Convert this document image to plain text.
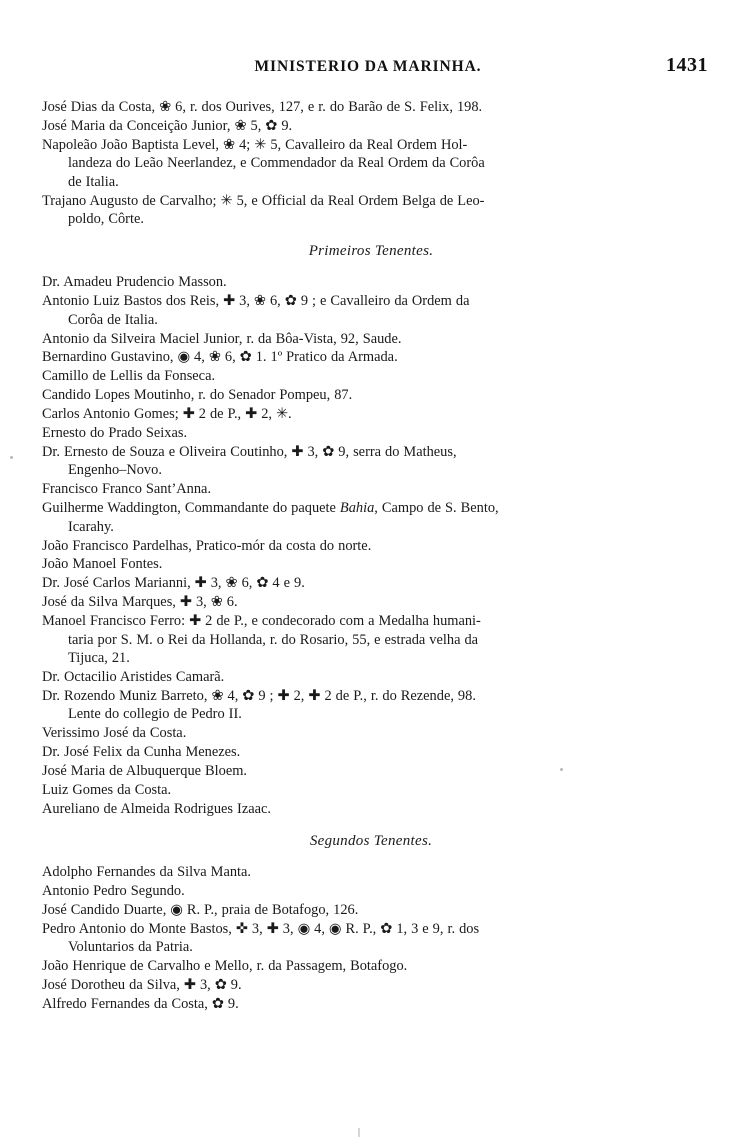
MINISTERIO DA MARINHA.	1431

José Dias da Costa, ❀ 6, r. dos Ourives, 127, e r. do Barão de S. Felix, 198.

José Maria da Conceição Junior, ❀ 5, ✿ 9.

Napoleão João Baptista Level, ❀ 4; ✳ 5, Cavalleiro da Real Ordem Hol-
landeza do Leão Neerlandez, e Commendador da Real Ordem da Corôa
de Italia.

Trajano Augusto de Carvalho; ✳ 5, e Official da Real Ordem Belga de Leo-
poldo, Côrte.

Primeiros Tenentes.

Dr. Amadeu Prudencio Masson.

Antonio Luiz Bastos dos Reis, ✚ 3, ❀ 6, ✿ 9 ; e Cavalleiro da Ordem da
Corôa de Italia.

Antonio da Silveira Maciel Junior, r. da Bôa-Vista, 92, Saude.

Bernardino Gustavino, ◉ 4, ❀ 6, ✿ 1. 1º Pratico da Armada.

Camillo de Lellis da Fonseca.

Candido Lopes Moutinho, r. do Senador Pompeu, 87.

Carlos Antonio Gomes; ✚ 2 de P., ✚ 2, ✳.

Ernesto do Prado Seixas.

Dr. Ernesto de Souza e Oliveira Coutinho, ✚ 3, ✿ 9, serra do Matheus,
Engenho–Novo.

Francisco Franco Sant’Anna.

Guilherme Waddington, Commandante do paquete Bahia, Campo de S. Bento,
Icarahy.

João Francisco Pardelhas, Pratico-mór da costa do norte.

João Manoel Fontes.

Dr. José Carlos Marianni, ✚ 3, ❀ 6, ✿ 4 e 9.

José da Silva Marques, ✚ 3, ❀ 6.

Manoel Francisco Ferro: ✚ 2 de P., e condecorado com a Medalha humani-
taria por S. M. o Rei da Hollanda, r. do Rosario, 55, e estrada velha da
Tijuca, 21.

Dr. Octacilio Aristides Camarã.

Dr. Rozendo Muniz Barreto, ❀ 4, ✿ 9 ; ✚ 2, ✚ 2 de P., r. do Rezende, 98.
Lente do collegio de Pedro II.

Verissimo José da Costa.

Dr. José Felix da Cunha Menezes.

José Maria de Albuquerque Bloem.

Luiz Gomes da Costa.

Aureliano de Almeida Rodrigues Izaac.

Segundos Tenentes.

Adolpho Fernandes da Silva Manta.

Antonio Pedro Segundo.

José Candido Duarte, ◉ R. P., praia de Botafogo, 126.

Pedro Antonio do Monte Bastos, ✜ 3, ✚ 3, ◉ 4, ◉ R. P., ✿ 1, 3 e 9, r. dos
Voluntarios da Patria.

João Henrique de Carvalho e Mello, r. da Passagem, Botafogo.

José Dorotheu da Silva, ✚ 3, ✿ 9.

Alfredo Fernandes da Costa, ✿ 9.
